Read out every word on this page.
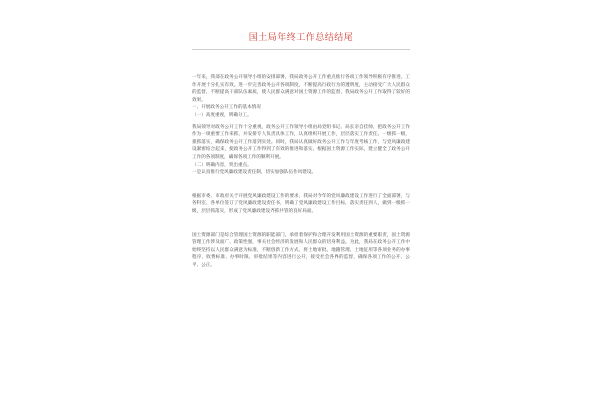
国土局年终工作总结结尾

一年来，我部在政务公开领导小组的安排部署，我局政务公开工作重点推行各项工作领导积极有序推进，工作开展十分扎实有效。进一步完善政务公开各项制度，不断提高行政行为的透明度，主动接受广大人民群众的监督，不断提高干部队伍素质，使人民群众满意对国土资源工作的监督，我局政务公开工作取得了较好的效果。

一、开展政务公开工作的基本情况

（一）高度重视，明确分工。

我局领导对政务公开工作十分重视，政务公开工作领导小组由局党组书记、局长亲自挂帅，把政务公开工作作为一项重要工作来抓，并安排专人负责具体工作，认真组织开展工作，层层落实工作责任。一级抓一级，狠抓落实，确保政务公开工作落到实处。同时，我局认真做好政务公开工作与年度考核工作，与党风廉政建设紧密结合起来，使政务公开工作得到了有效的推进和落实。根据国土资源工作实际，建立健全了政务公开工作的各项制度，确保各项工作的顺利开展。

（二）明确内容，突出重点。

一是认真推行党风廉政建设责任制，切实加强队伍作风建设。

根据市委、市政府关于开展党风廉政建设工作的要求，我局对今年的党风廉政建设工作进行了全面部署，与各科室、各单位签订了党风廉政建设责任书，明确了党风廉政建设工作目标，落实责任到人，做到一级抓一级，层层抓落实，形成了党风廉政建设齐抓共管的良好局面。

国土资源部门是综合管理国土资源的职能部门，承担着保护和合理开发利用国土资源的重要职责，国土资源管理工作涉及面广、政策性强，事关社会经济的发展和人民群众的切身利益。为此，我局在政务公开工作中始终坚持以人民群众满意为标准，不断创新工作方式，将土地审批、地籍管理、土地征用等各项业务的办事程序、收费标准、办事时限、审批结果等内容进行公开，接受社会各界的监督，确保各项工作的公开、公平、公正。
